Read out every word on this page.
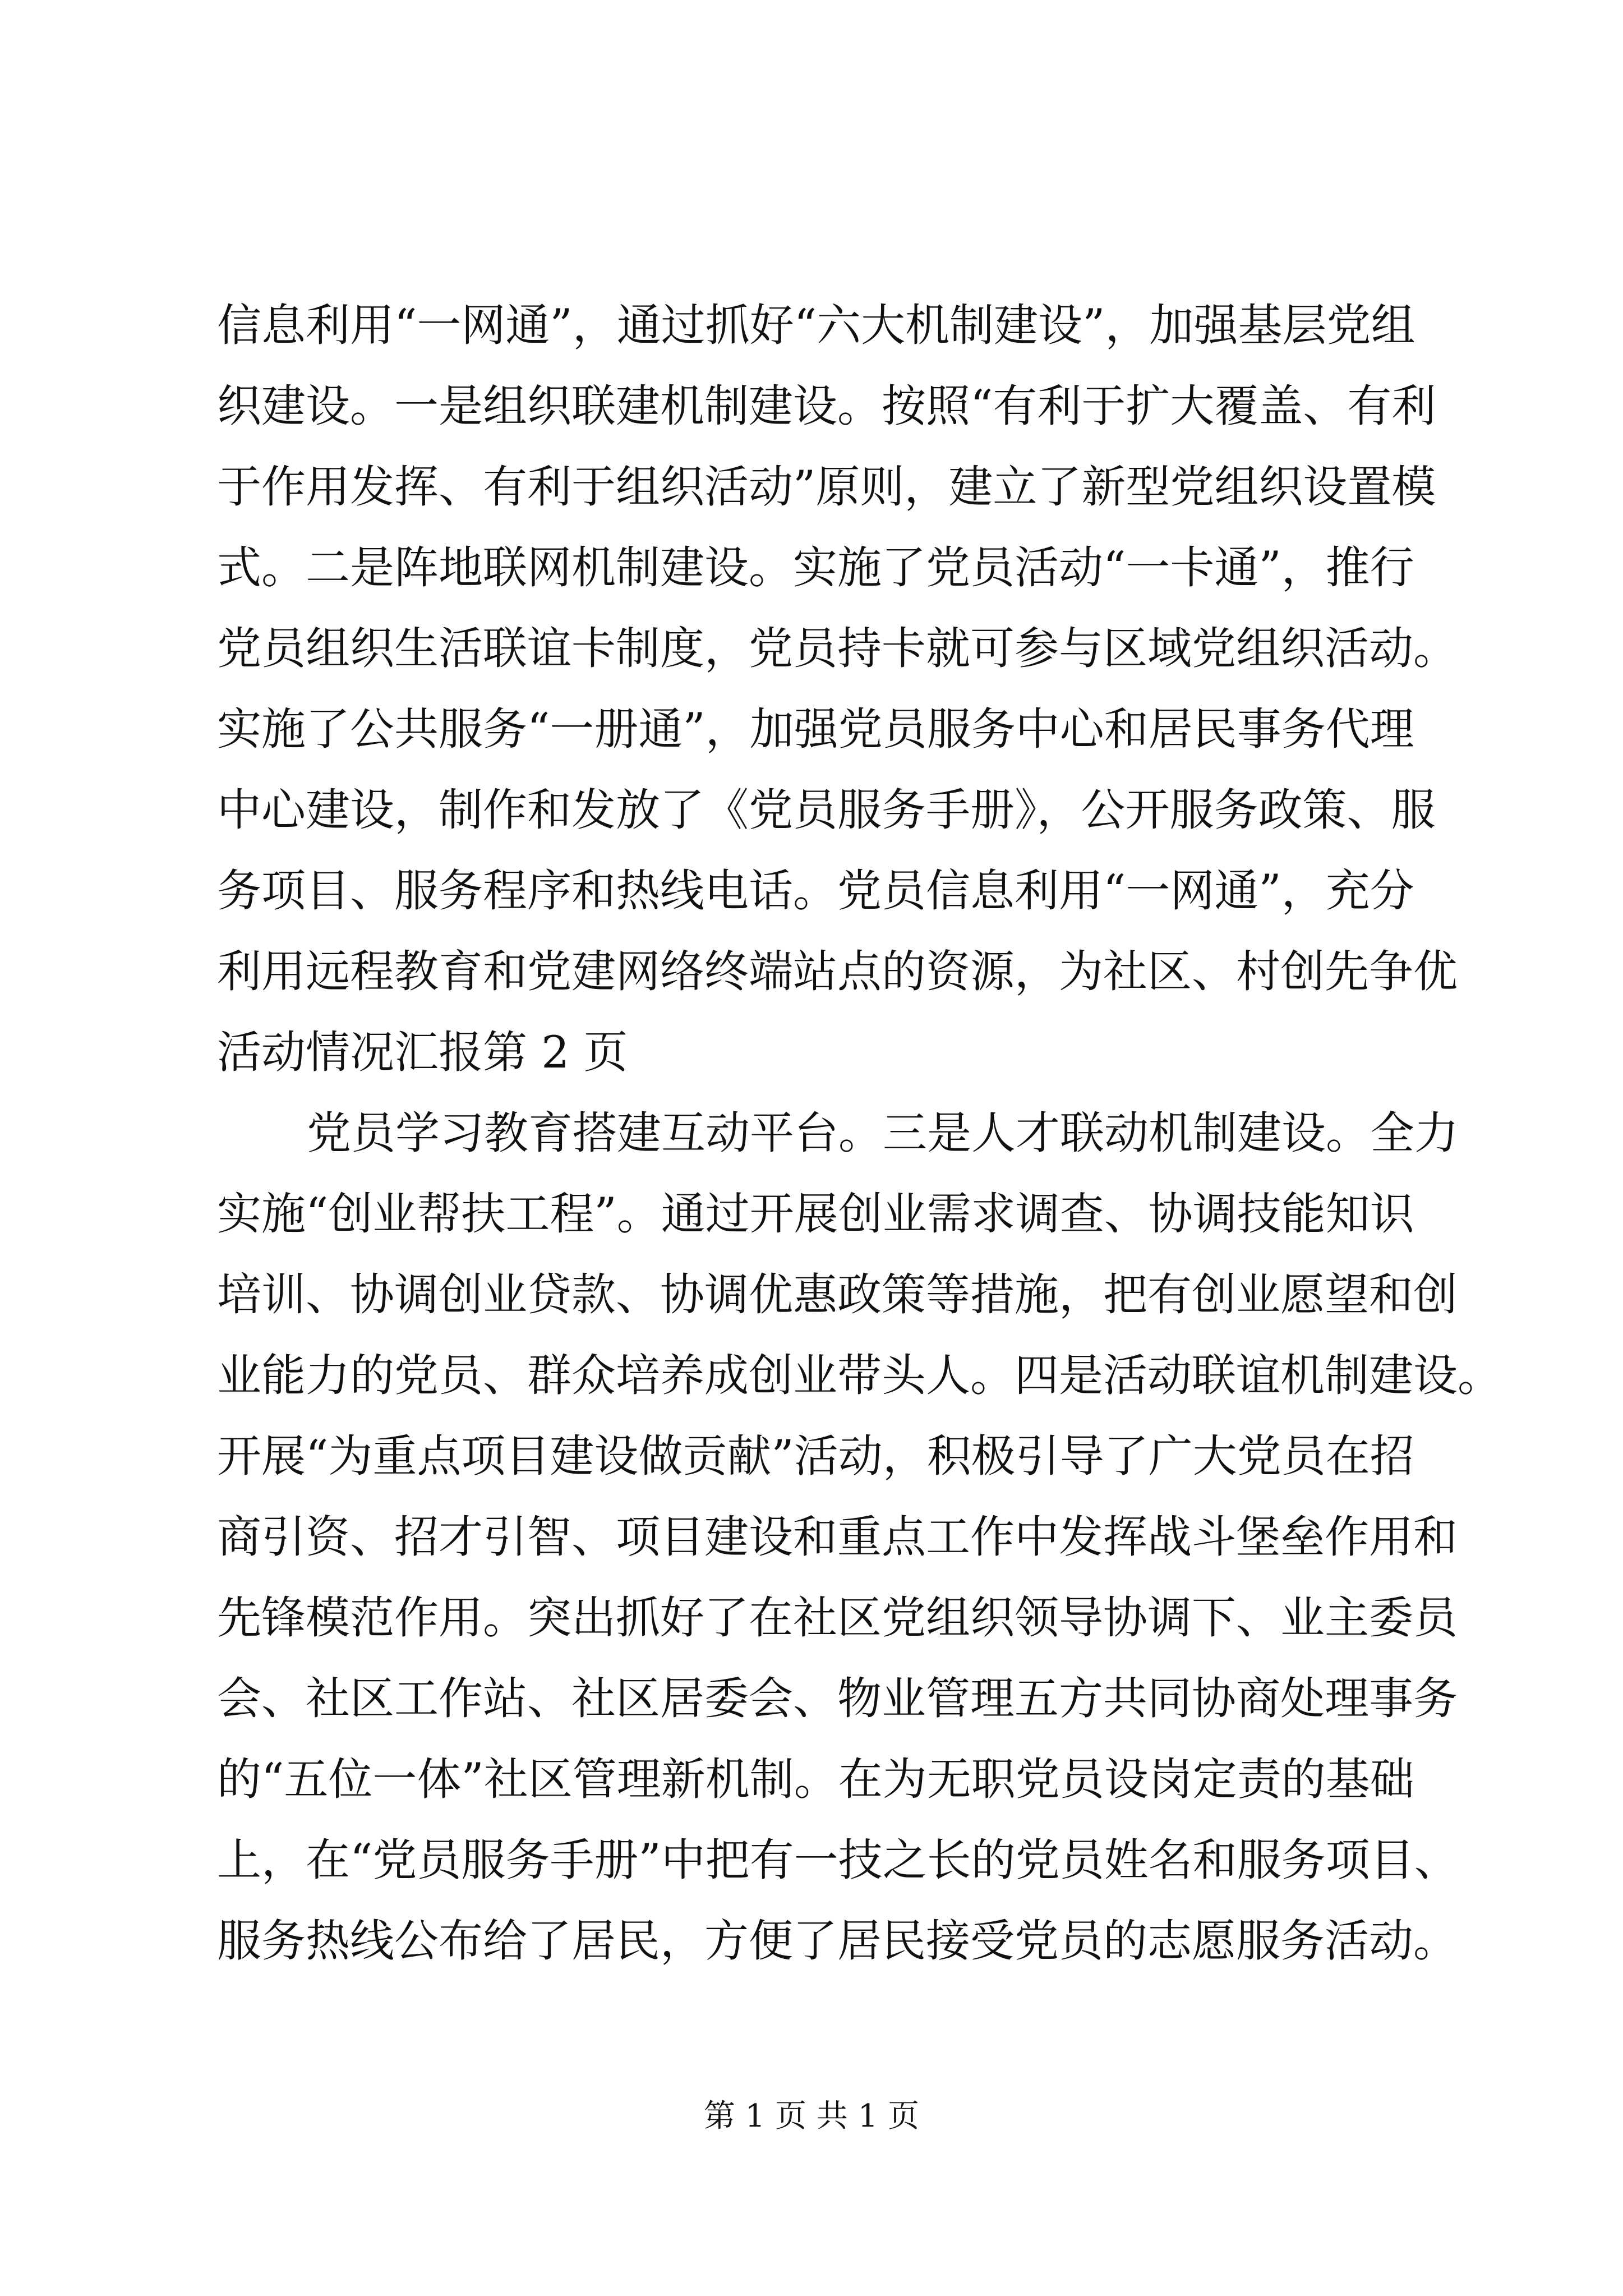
信息利用“一网通”，通过抓好“六大机制建设”，加强基层党组
织建设。一是组织联建机制建设。按照“有利于扩大覆盖、有利
于作用发挥、有利于组织活动”原则，建立了新型党组织设置模
式。二是阵地联网机制建设。实施了党员活动“一卡通”，推行
党员组织生活联谊卡制度，党员持卡就可参与区域党组织活动。
实施了公共服务“一册通”，加强党员服务中心和居民事务代理
中心建设，制作和发放了《党员服务手册》，公开服务政策、服
务项目、服务程序和热线电话。党员信息利用“一网通”，充分
利用远程教育和党建网络终端站点的资源，为社区、村创先争优
活动情况汇报第 2 页
党员学习教育搭建互动平台。三是人才联动机制建设。全力
实施“创业帮扶工程”。通过开展创业需求调查、协调技能知识
培训、协调创业贷款、协调优惠政策等措施，把有创业愿望和创
业能力的党员、群众培养成创业带头人。四是活动联谊机制建设。
开展“为重点项目建设做贡献”活动，积极引导了广大党员在招
商引资、招才引智、项目建设和重点工作中发挥战斗堡垒作用和
先锋模范作用。突出抓好了在社区党组织领导协调下、业主委员
会、社区工作站、社区居委会、物业管理五方共同协商处理事务
的“五位一体”社区管理新机制。在为无职党员设岗定责的基础
上，在“党员服务手册”中把有一技之长的党员姓名和服务项目、
服务热线公布给了居民，方便了居民接受党员的志愿服务活动。
第 1 页 共 1 页
